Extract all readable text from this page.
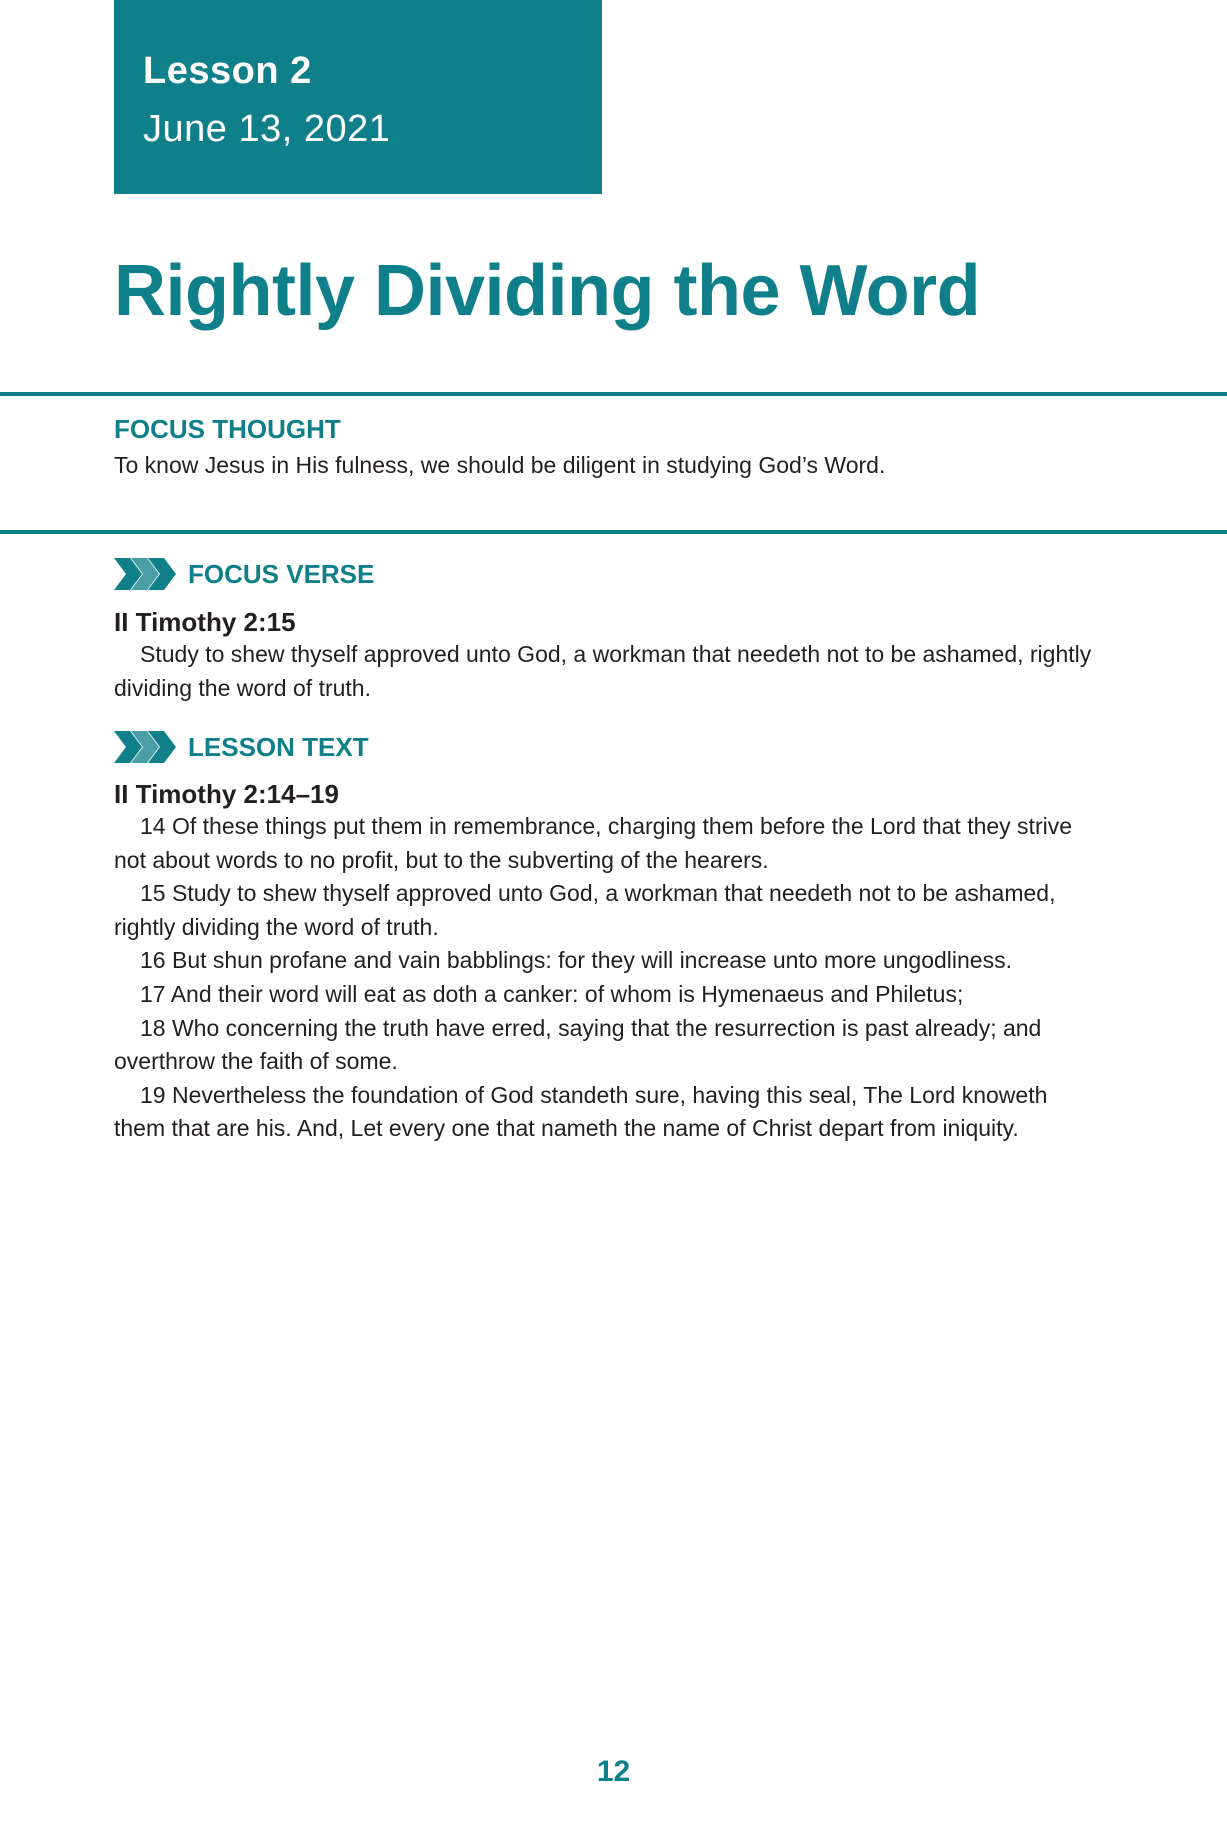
Lesson 2
June 13, 2021
Rightly Dividing the Word
FOCUS THOUGHT
To know Jesus in His fulness, we should be diligent in studying God’s Word.
FOCUS VERSE
II Timothy 2:15

Study to shew thyself approved unto God, a workman that needeth not to be ashamed, rightly dividing the word of truth.

LESSON TEXT
II Timothy 2:14–19

14 Of these things put them in remembrance, charging them before the Lord that they strive not about words to no profit, but to the subverting of the hearers.

15 Study to shew thyself approved unto God, a workman that needeth not to be ashamed, rightly dividing the word of truth.

16 But shun profane and vain babblings: for they will increase unto more ungodliness.

17 And their word will eat as doth a canker: of whom is Hymenaeus and Philetus;

18 Who concerning the truth have erred, saying that the resurrection is past already; and overthrow the faith of some.

19 Nevertheless the foundation of God standeth sure, having this seal, The Lord knoweth them that are his. And, Let every one that nameth the name of Christ depart from iniquity.

12
